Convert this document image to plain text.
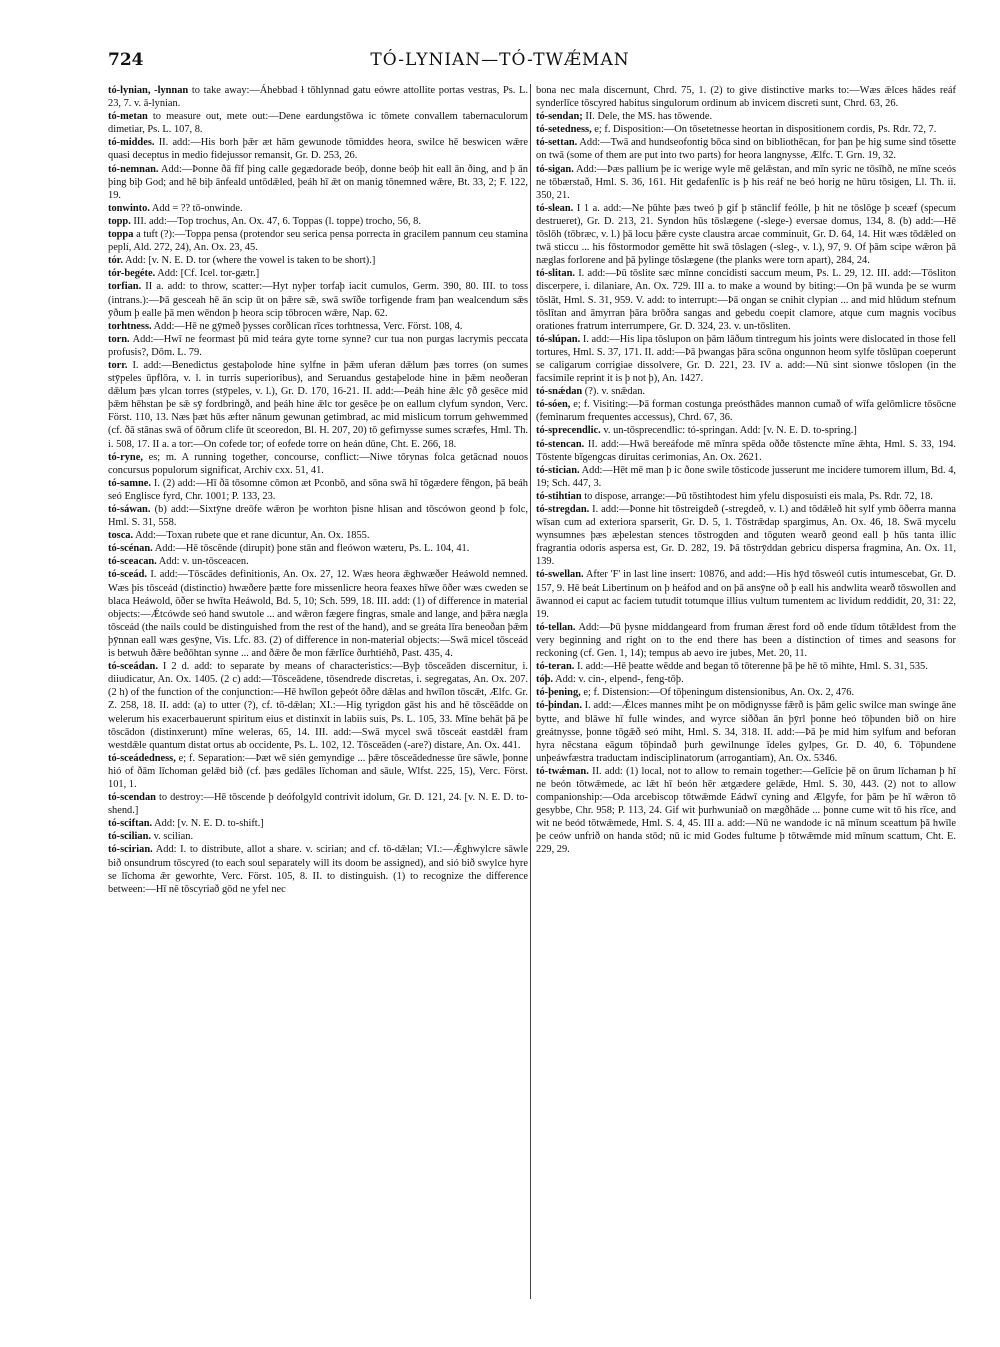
724	TÓ-LYNIAN—TÓ-TWǼMAN

tó-lynian, -lynnan to take away:—Áhebbad ł tōhlynnad gatu eówre attollite portas vestras, Ps. L. 23, 7. v. ā-lynian.

tó-metan to measure out, mete out:—Dene eardungstōwa ic tōmete convallem tabernaculorum dimetiar, Ps. L. 107, 8.

tó-middes. II. add:—His borh þǣr æt hām gewunode tōmiddes heora, swilce hē beswicen wǣre quasi deceptus in medio fidejussor remansit, Gr. D. 253, 26.

tó-nemnan. Add:—Þonne ðā fīf þing calle gegædorade beóþ, donne beóþ hit eall ān ðing, and þ ān þing biþ God; and hē biþ ānfeald untōdǣled, þeáh hī ǣt on manig tōnemned wǣre, Bt. 33, 2; F. 122, 19.

tonwinto. Add = ?? tō-onwinde.

topp. III. add:—Top trochus, An. Ox. 47, 6. Toppas (l. toppe) trocho, 56, 8.

toppa a tuft (?):—Toppa pensa (protendor seu serica pensa porrecta in gracilem pannum ceu stamina peplí, Ald. 272, 24), An. Ox. 23, 45.

tór. Add: [v. N. E. D. tor (where the vowel is taken to be short).]

tór-begéte. Add: [Cf. Icel. tor-gætr.]

torfian. II a. add: to throw, scatter:—Hyt nyþer torfaþ iacit cumulos, Germ. 390, 80. III. to toss (intrans.):—Þā gesceah hē ān scip ūt on þǣre sǣ, swā swīðe torfigende fram þan wealcendum sǣs ȳðum þ ealle þā men wēndon þ heora scip tōbrocen wǣre, Nap. 62.

torhtness. Add:—Hē ne gȳmeð þysses corðlican rīces torhtnessa, Verc. Först. 108, 4.

torn. Add:—Hwī ne feormast þū mid teára gyte torne synne? cur tua non purgas lacrymis peccata profusis?, Dōm. L. 79.

torr. I. add:—Benedictus gestaþolode hine sylfne in þǣm uferan dǣlum þæs torres (on sumes stȳpeles ūpflōra, v. l. in turris superioribus), and Seruandus gestaþelode hine in þǣm neoðeran dǣlum þæs ylcan torres (stȳpeles, v. l.), Gr. D. 170, 16-21. II. add:—Þeáh hine ǣlc ȳð gesēce mid þǣm hēhstan þe sǣ sȳ fordbringð, and þeáh hine ǣlc tor gesēce þe on eallum clyfum syndon, Verc. Först. 110, 13. Næs þæt hūs æfter nānum gewunan getimbrad, ac mid mislicum torrum gehwemmed (cf. ðā stānas swā of ōðrum clife ūt sceoredon, Bl. H. 207, 20) tō gefirnysse sumes scræfes, Hml. Th. i. 508, 17. II a. a tor:—On cofede tor; of eofede torre on heán dūne, Cht. E. 266, 18.

tó-ryne, es; m. A running together, concourse, conflict:—Niwe tōrynas folca getācnad nouos concursus populorum significat, Archiv cxx. 51, 41.

tó-samne. I. (2) add:—Hī ðā tōsomne cōmon æt Pconbō, and sōna swā hī tōgædere fēngon, þā beáh seó Englisce fyrd, Chr. 1001; P. 133, 23.

tó-sáwan. (b) add:—Sixtȳne dreōfe wǣron þe worhton þisne hlisan and tōscówon geond þ folc, Hml. S. 31, 558.

tosca. Add:—Toxan rubete que et rane dicuntur, An. Ox. 1855.

tó-scénan. Add:—Hē tōscēnde (dirupit) þone stān and fleówon wæteru, Ps. L. 104, 41.

tó-sceacan. Add: v. un-tōsceacen.

tó-sceád. I. add:—Tōscādes definitionis, An. Ox. 27, 12. Wæs heora ǣghwæðer Heáwold nemned. Wæs þis tōsceád (distinctio) hwæðere þætte fore missenlicre heora feaxes hīwe ōðer wæs cweden se blaca Heáwold, ōðer se hwīta Heáwold, Bd. 5, 10; Sch. 599, 18. III. add: (1) of difference in material objects:—Ǽtcówde seó hand swutole ... and wǣron fægere fingras, smale and lange, and þǣra nægla tōsceád (the nails could be distinguished from the rest of the hand), and se greáta līra beneoðan þǣm þȳnnan eall wæs gesȳne, Vis. Lfc. 83. (2) of difference in non-material objects:—Swā micel tōsceád is betwuh ðǣre beðōhtan synne ... and ðǣre ðe mon fǣrlīce ðurhtiéhð, Past. 435, 4.

tó-sceádan. I 2 d. add: to separate by means of characteristics:—Byþ tōsceāden discernitur, i. diiudicatur, An. Ox. 1405. (2 c) add:—Tōsceādene, tōsendrede discretas, i. segregatas, An. Ox. 207. (2 h) of the function of the conjunction:—Hē hwīlon geþeót ōðre dǣlas and hwīlon tōscǣt, Ælfc. Gr. Z. 258, 18. II. add: (a) to utter (?), cf. tō-dǣlan; XI.:—Hig tyrigdon gāst his and hē tōscēādde on welerum his exacerbauerunt spiritum eius et distinxit in labiis suis, Ps. L. 105, 33. Mīne behāt þā þe tōscādon (distinxerunt) mīne weleras, 65, 14. III. add:—Swā mycel swā tōsceát eastdǣl fram westdǣle quantum distat ortus ab occidente, Ps. L. 102, 12. Tōsceāden (-are?) distare, An. Ox. 441.

tó-sceádedness, e; f. Separation:—Þæt wē sién gemyndige ... þǣre tōsceādednesse ūre sāwle, þonne hió of ðām līchoman gelǣd bið (cf. þæs gedāles līchoman and sāule, Wlfst. 225, 15), Verc. Först. 101, 1.

tó-scendan to destroy:—Hē tōscende þ deófolgyld contrivit idolum, Gr. D. 121, 24. [v. N. E. D. to-shend.]

tó-sciftan. Add: [v. N. E. D. to-shift.]

tó-scilian. v. scilian.

tó-scirian. Add: I. to distribute, allot a share. v. scirian; and cf. tō-dǣlan; VI.:—Ǽghwylcre sāwle bið onsundrum tōscyred (to each soul separately will its doom be assigned), and sió bið swylce hyre se līchoma ǣr geworhte, Verc. Först. 105, 8. II. to distinguish. (1) to recognize the difference between:—Hī nē tōscyriað gōd ne yfel nec

bona nec mala discernunt, Chrd. 75, 1. (2) to give distinctive marks to:—Wæs ǣlces hādes reáf synderlīce tōscyred habitus singulorum ordinum ab invicem discreti sunt, Chrd. 63, 26.

tó-sendan; II. Dele, the MS. has tōwende.

tó-setedness, e; f. Disposition:—On tōsetetnesse heortan in dispositionem cordis, Ps. Rdr. 72, 7.

tó-settan. Add:—Twā and hundseofontig bōca sind on bibliothēcan, for þan þe hig sume sind tōsette on twā (some of them are put into two parts) for heora langnysse, Ælfc. T. Grn. 19, 32.

tó-sigan. Add:—Þæs pallium þe ic werige wyle mē gelǣstan, and mīn syric ne tōsīhð, ne mīne sceós ne tōbærstað, Hml. S. 36, 161. Hit gedafenlīc is þ his reáf ne beó horig ne hūru tōsigen, Ll. Th. ii. 350, 21.

tó-slean. I 1 a. add:—Ne þūhte þæs tweó þ gif þ stānclif feólle, þ hit ne tōslōge þ sceæf (specum destrueret), Gr. D. 213, 21. Syndon hūs tōslægene (-slege-) eversae domus, 134, 8. (b) add:—Hē tōslōh (tōbræc, v. l.) þā locu þǣre cyste claustra arcae comminuit, Gr. D. 64, 14. Hit wæs tōdǣled on twā sticcu ... his fōstormodor gemētte hit swā tōslagen (-sleg-, v. l.), 97, 9. Of þām scipe wǣron þā næglas forlorene and þā þylinge tōslægene (the planks were torn apart), 284, 24.

tó-slitan. I. add:—Þū tōslite sæc mīnne concidisti saccum meum, Ps. L. 29, 12. III. add:—Tōsliton discerpere, i. dilaniare, An. Ox. 729. III a. to make a wound by biting:—On þā wunda þe se wurm tōslāt, Hml. S. 31, 959. V. add: to interrupt:—Þā ongan se cnihit clypian ... and mid hlūdum stefnum tōslītan and āmyrran þāra brōðra sangas and gebedu coepit clamore, atque cum magnis vocibus orationes fratrum interrumpere, Gr. D. 324, 23. v. un-tōsliten.

tó-slúpan. I. add:—His lipa tōslupon on þām lāðum tintregum his joints were dislocated in those fell tortures, Hml. S. 37, 171. II. add:—Þā þwangas þāra scōna ongunnon heom sylfe tōslūpan coeperunt se caligarum corrigiae dissolvere, Gr. D. 221, 23. IV a. add:—Nū sint sionwe tōslopen (in the facsimile reprint it is þ not þ), An. 1427.

tó-snǽdan (?). v. snǣdan.

tó-sóen, e; f. Visiting:—Þā forman costunga preóstħādes mannon cumað of wīfa gelōmlicre tōsōcne (feminarum frequentes accessus), Chrd. 67, 36.

tó-sprecendlic. v. un-tōsprecendlic: tó-springan. Add: [v. N. E. D. to-spring.]

tó-stencan. II. add:—Hwā bereáfode mē mīnra spēda oððe tōstencte mīne ǣhta, Hml. S. 33, 194. Tōstente bīgengcas diruitas cerimonias, An. Ox. 2621.

tó-stician. Add:—Hēt mē man þ ic ðone swile tōsticode jusserunt me incidere tumorem illum, Bd. 4, 19; Sch. 447, 3.

tó-stihtian to dispose, arrange:—Þū tōstihtodest him yfelu disposuisti eis mala, Ps. Rdr. 72, 18.

tó-stregdan. I. add:—Þonne hit tōstreigdeð (-stregdeð, v. l.) and tōdǣleð hit sylf ymb ōðerra manna wīsan cum ad exteriora sparserit, Gr. D. 5, 1. Tōstrǣdap spargimus, An. Ox. 46, 18. Swā mycelu wynsumnes þæs æþelestan stences tōstrogden and tōguten wearð geond eall þ hūs tanta illic fragrantia odoris aspersa est, Gr. D. 282, 19. Þā tōstrȳddan gebricu dispersa fragmina, An. Ox. 11, 139.

tó-swellan. After 'F' in last line insert: 10876, and add:—His hȳd tōsweól cutis intumescebat, Gr. D. 157, 9. Hē beát Libertinum on þ heáfod and on þā ansȳne oð þ eall his andwlita wearð tōswollen and āwannod ei caput ac faciem tutudit totumque illius vultum tumentem ac lividum reddidit, 20, 31: 22, 19.

tó-tellan. Add:—Þū þysne middangeard from fruman ǣrest ford oð ende tīdum tōtǣldest from the very beginning and right on to the end there has been a distinction of times and seasons for reckoning (cf. Gen. 1, 14); tempus ab aevo ire jubes, Met. 20, 11.

tó-teran. I. add:—Hē þeatte wēdde and began tō tōterenne þā þe hē tō mihte, Hml. S. 31, 535.

tóþ. Add: v. cin-, elpend-, feng-tōþ.

tó-þening, e; f. Distension:—Of tōþeningum distensionibus, An. Ox. 2, 476.

tó-þindan. I. add:—Ǽlces mannes miht þe on mōdignysse fǣrð is þām gelic swilce man swinge āne bytte, and blāwe hī fulle windes, and wyrce siððan ān þȳrl þonne heó tōþunden bið on hire greátnysse, þonne tōgǣð seó miht, Hml. S. 34, 318. II. add:—Þā þe mid him sylfum and beforan hyra nēcstana eāgum tōþindað þurh gewilnunge īdeles gylpes, Gr. D. 40, 6. Tōþundene unþeáwfæstra traductam indisciplinatorum (arrogantiam), An. Ox. 5346.

tó-twǽman. II. add: (1) local, not to allow to remain together:—Gelīcie þē on ūrum līchaman þ hī ne beón tōtwǣmede, ac lǣt hī beón hēr ætgædere gelǣde, Hml. S. 30, 443. (2) not to allow companionship:—Oda arcebiscop tōtwǣmde Eádwī cyning and Ælgyfe, for þām þe hī wǣron tō gesybbe, Chr. 958; P. 113, 24. Gif wit þurhwuniað on mægðhāde ... þonne cume wit tō his rīce, and wit ne beód tōtwǣmede, Hml. S. 4, 45. III a. add:—Nū ne wandode ic nā mīnum sceattum þā hwīle þe ceów unfrið on handa stōd; nū ic mid Godes fultume þ tōtwǣmde mid mīnum scattum, Cht. E. 229, 29.
